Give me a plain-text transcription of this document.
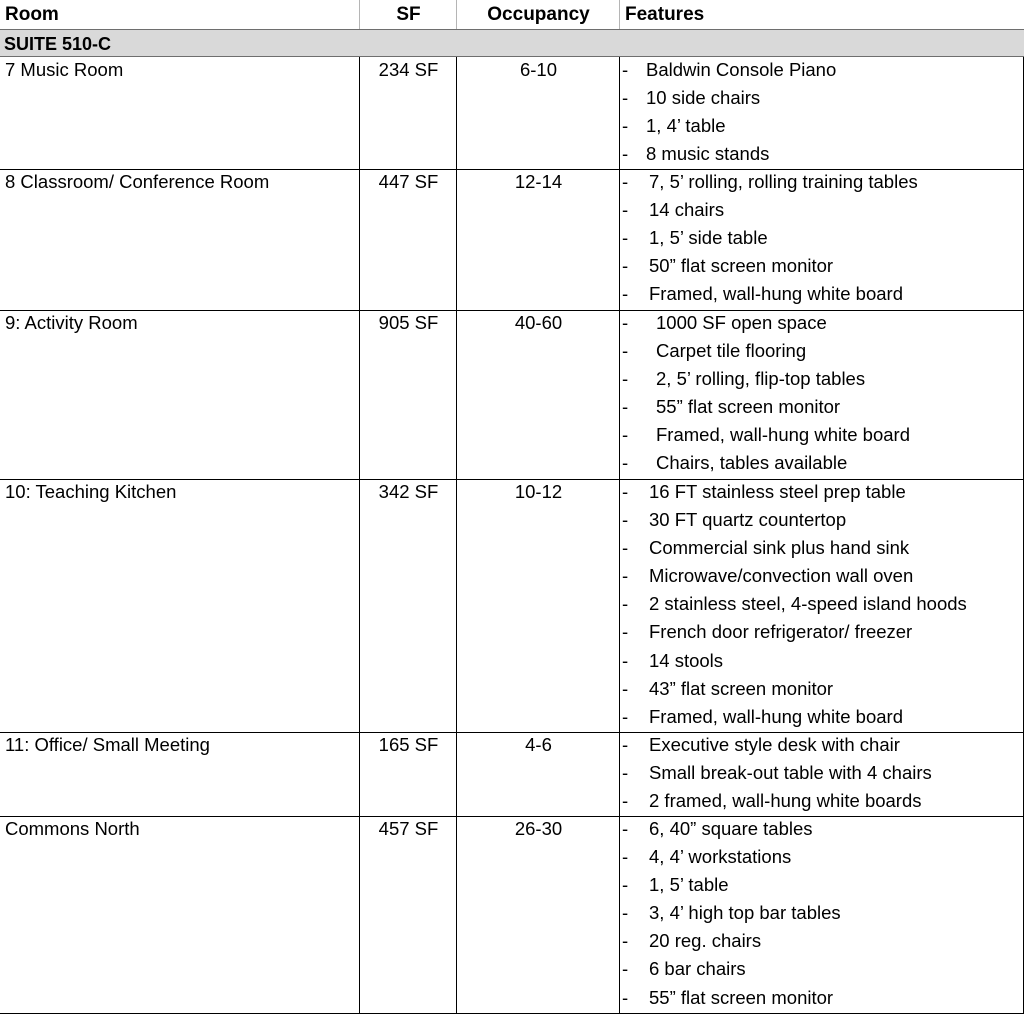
Room	SF	Occupancy	Features
SUITE 510-C
7 Music Room	234 SF	6-10	- Baldwin Console Piano
- 10 side chairs
- 1, 4’ table
- 8 music stands
8 Classroom/ Conference Room	447 SF	12-14	- 7, 5’ rolling, rolling training tables
- 14 chairs
- 1, 5’ side table
- 50” flat screen monitor
- Framed, wall-hung white board
9: Activity Room	905 SF	40-60	- 1000 SF open space
- Carpet tile flooring
- 2, 5’ rolling, flip-top tables
- 55” flat screen monitor
- Framed, wall-hung white board
- Chairs, tables available
10: Teaching Kitchen	342 SF	10-12	- 16 FT stainless steel prep table
- 30 FT quartz countertop
- Commercial sink plus hand sink
- Microwave/convection wall oven
- 2 stainless steel, 4-speed island hoods
- French door refrigerator/ freezer
- 14 stools
- 43” flat screen monitor
- Framed, wall-hung white board
11: Office/ Small Meeting	165 SF	4-6	- Executive style desk with chair
- Small break-out table with 4 chairs
- 2 framed, wall-hung white boards
Commons North	457 SF	26-30	- 6, 40” square tables
- 4, 4’ workstations
- 1, 5’ table
- 3, 4’ high top bar tables
- 20 reg. chairs
- 6 bar chairs
- 55” flat screen monitor
